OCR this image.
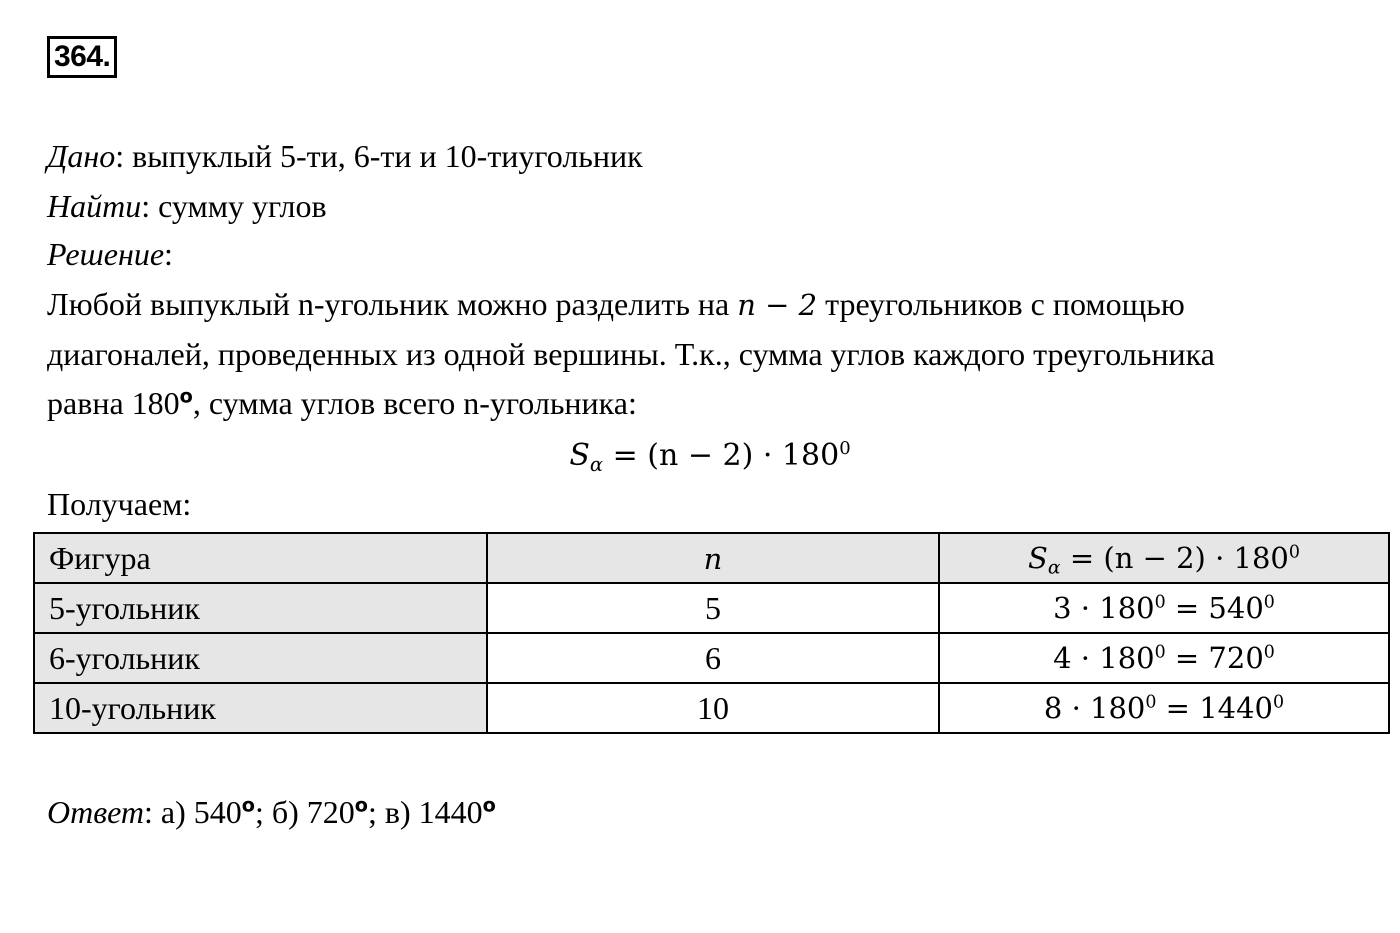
364.
Дано: выпуклый 5-ти, 6-ти и 10-тиугольник
Найти: сумму углов
Решение:
Любой выпуклый n-угольник можно разделить на n − 2 треугольников с помощью
диагоналей, проведенных из одной вершины. Т.к., сумма углов каждого треугольника
равна $180^о$, сумма углов всего n-угольника:
$S_\alpha = (n - 2) \cdot 180^0$
Получаем:
Фигура	n	$S_\alpha = (n - 2) \cdot 180^0$
5-угольник	5	$3 \cdot 180^0 = 540^0$
6-угольник	6	$4 \cdot 180^0 = 720^0$
10-угольник	10	$8 \cdot 180^0 = 1440^0$
Ответ: а) $540^о$; б) $720^о$; в) $1440^о$
